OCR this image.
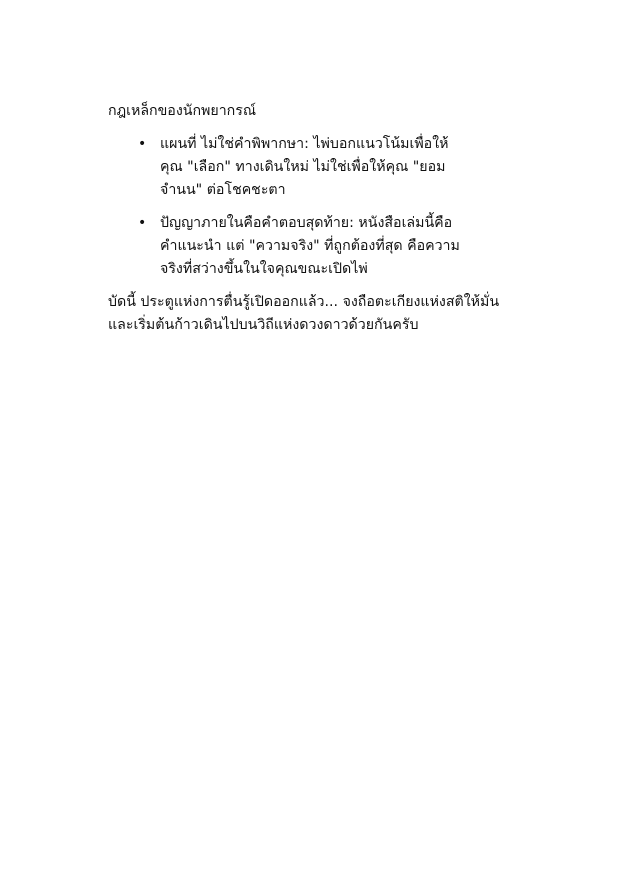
กฎเหล็กของนักพยากรณ์

• แผนที่ ไม่ใช่คำพิพากษา: ไพ่บอกแนวโน้มเพื่อให้คุณ "เลือก" ทางเดินใหม่ ไม่ใช่เพื่อให้คุณ "ยอมจำนน" ต่อโชคชะตา
• ปัญญาภายในคือคำตอบสุดท้าย: หนังสือเล่มนี้คือคำแนะนำ แต่ "ความจริง" ที่ถูกต้องที่สุด คือความจริงที่สว่างขึ้นในใจคุณขณะเปิดไพ่

บัดนี้ ประตูแห่งการตื่นรู้เปิดออกแล้ว... จงถือตะเกียงแห่งสติให้มั่น และเริ่มต้นก้าวเดินไปบนวิถีแห่งดวงดาวด้วยกันครับ
